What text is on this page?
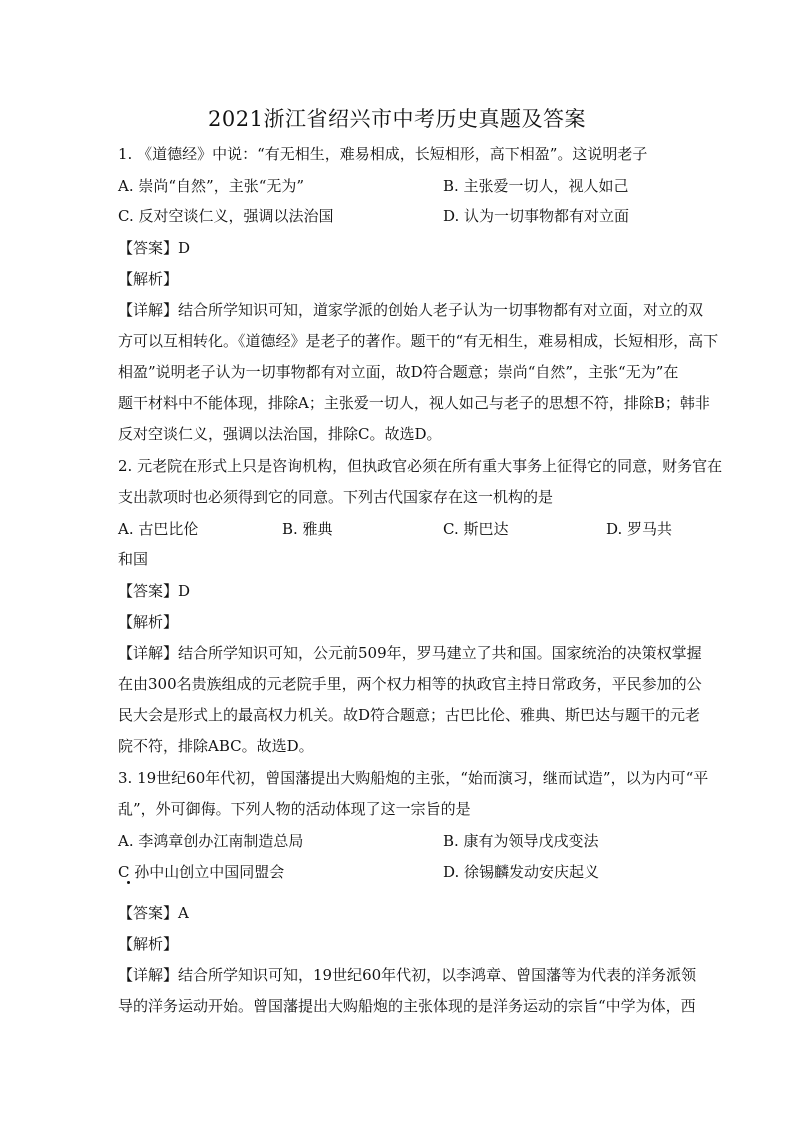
2021浙江省绍兴市中考历史真题及答案
1. 《道德经》中说：“有无相生，难易相成，长短相形，高下相盈”。这说明老子
A. 崇尚“自然”，主张“无为”	B. 主张爱一切人，视人如己
C. 反对空谈仁义，强调以法治国	D. 认为一切事物都有对立面
【答案】D
【解析】
【详解】结合所学知识可知，道家学派的创始人老子认为一切事物都有对立面，对立的双
方可以互相转化。《道德经》是老子的著作。题干的“有无相生，难易相成，长短相形，高下
相盈”说明老子认为一切事物都有对立面，故D符合题意；崇尚“自然”，主张“无为”在
题干材料中不能体现，排除A；主张爱一切人，视人如己与老子的思想不符，排除B；韩非
反对空谈仁义，强调以法治国，排除C。故选D。
2. 元老院在形式上只是咨询机构，但执政官必须在所有重大事务上征得它的同意，财务官在
支出款项时也必须得到它的同意。下列古代国家存在这一机构的是
A. 古巴比伦	B. 雅典	C. 斯巴达	D. 罗马共
和国
【答案】D
【解析】
【详解】结合所学知识可知，公元前509年，罗马建立了共和国。国家统治的决策权掌握
在由300名贵族组成的元老院手里，两个权力相等的执政官主持日常政务，平民参加的公
民大会是形式上的最高权力机关。故D符合题意；古巴比伦、雅典、斯巴达与题干的元老
院不符，排除ABC。故选D。
3. 19世纪60年代初，曾国藩提出大购船炮的主张，“始而演习，继而试造”，以为内可“平
乱”，外可御侮。下列人物的活动体现了这一宗旨的是
A. 李鸿章创办江南制造总局	B. 康有为领导戊戌变法
C 孙中山创立中国同盟会	D. 徐锡麟发动安庆起义
【答案】A
【解析】
【详解】结合所学知识可知，19世纪60年代初，以李鸿章、曾国藩等为代表的洋务派领
导的洋务运动开始。曾国藩提出大购船炮的主张体现的是洋务运动的宗旨“中学为体，西
